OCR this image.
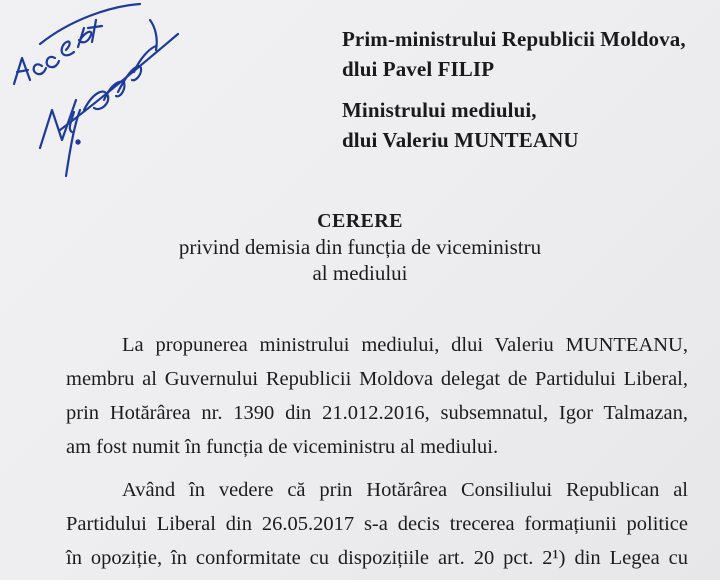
Prim-ministrului Republicii Moldova,
dlui Pavel FILIP
Ministrului mediului,
dlui Valeriu MUNTEANU
CERERE
privind demisia din funcția de viceministru
al mediului
La propunerea ministrului mediului, dlui Valeriu MUNTEANU,
membru al Guvernului Republicii Moldova delegat de Partidului Liberal,
prin Hotărârea nr. 1390 din 21.012.2016, subsemnatul, Igor Talmazan,
am fost numit în funcția de viceministru al mediului.
Având în vedere că prin Hotărârea Consiliului Republican al
Partidului Liberal din 26.05.2017 s-a decis trecerea formațiunii politice
în opoziție, în conformitate cu dispozițiile art. 20 pct. 2¹) din Legea cu
